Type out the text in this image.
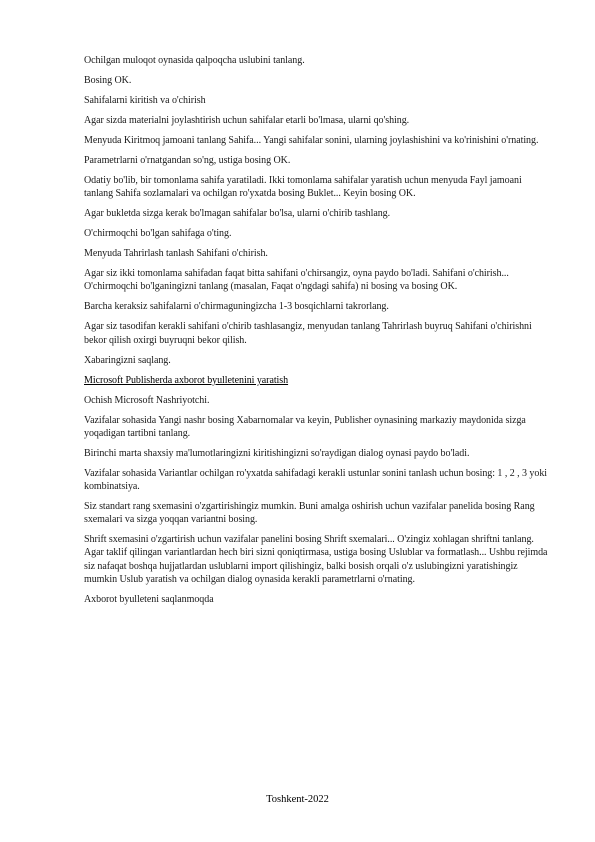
Ochilgan muloqot oynasida qalpoqcha uslubini tanlang.

Bosing OK.

Sahifalarni kiritish va o'chirish

Agar sizda materialni joylashtirish uchun sahifalar etarli bo'lmasa, ularni qo'shing.

Menyuda Kiritmoq jamoani tanlang Sahifa... Yangi sahifalar sonini, ularning joylashishini va ko'rinishini o'rnating.

Parametrlarni o'rnatgandan so'ng, ustiga bosing OK.

Odatiy bo'lib, bir tomonlama sahifa yaratiladi. Ikki tomonlama sahifalar yaratish uchun menyuda Fayl jamoani tanlang Sahifa sozlamalari va ochilgan ro'yxatda bosing Buklet... Keyin bosing OK.

Agar bukletda sizga kerak bo'lmagan sahifalar bo'lsa, ularni o'chirib tashlang.

O'chirmoqchi bo'lgan sahifaga o'ting.

Menyuda Tahrirlash tanlash Sahifani o'chirish.

Agar siz ikki tomonlama sahifadan faqat bitta sahifani o'chirsangiz, oyna paydo bo'ladi. Sahifani o'chirish... O'chirmoqchi bo'lganingizni tanlang (masalan, Faqat o'ngdagi sahifa) ni bosing va bosing OK.

Barcha keraksiz sahifalarni o'chirmaguningizcha 1-3 bosqichlarni takrorlang.

Agar siz tasodifan kerakli sahifani o'chirib tashlasangiz, menyudan tanlang Tahrirlash buyruq Sahifani o'chirishni bekor qilish oxirgi buyruqni bekor qilish.

Xabaringizni saqlang.

Microsoft Publisherda axborot byulletenini yaratish

Ochish Microsoft Nashriyotchi.

Vazifalar sohasida Yangi nashr bosing Xabarnomalar va keyin, Publisher oynasining markaziy maydonida sizga yoqadigan tartibni tanlang.

Birinchi marta shaxsiy ma'lumotlaringizni kiritishingizni so'raydigan dialog oynasi paydo bo'ladi.

Vazifalar sohasida Variantlar ochilgan ro'yxatda sahifadagi kerakli ustunlar sonini tanlash uchun bosing: 1 , 2 , 3 yoki kombinatsiya.

Siz standart rang sxemasini o'zgartirishingiz mumkin. Buni amalga oshirish uchun vazifalar panelida bosing Rang sxemalari va sizga yoqqan variantni bosing.

Shrift sxemasini o'zgartirish uchun vazifalar panelini bosing Shrift sxemalari... O'zingiz xohlagan shriftni tanlang. Agar taklif qilingan variantlardan hech biri sizni qoniqtirmasa, ustiga bosing Uslublar va formatlash... Ushbu rejimda siz nafaqat boshqa hujjatlardan uslublarni import qilishingiz, balki bosish orqali o'z uslubingizni yaratishingiz mumkin Uslub yaratish va ochilgan dialog oynasida kerakli parametrlarni o'rnating.

Axborot byulleteni saqlanmoqda

Toshkent-2022
